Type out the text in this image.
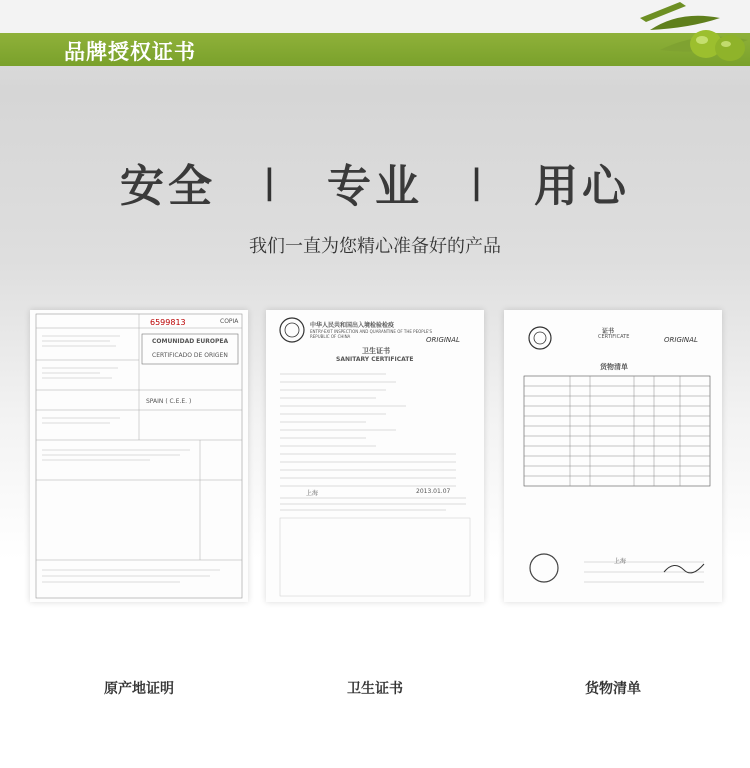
品牌授权证书
安全 | 专业 | 用心
我们一直为您精心准备好的产品
6599813	COPIA
COMUNIDAD EUROPEA
CERTIFICADO DE ORIGEN
SPAIN ( C.E.E. )
中华人民共和国出入境检验检疫
ENTRY-EXIT INSPECTION AND QUARANTINE OF THE PEOPLE'S REPUBLIC OF CHINA	ORIGINAL
卫生证书
SANITARY CERTIFICATE
上海	2013.01.07
证书
CERTIFICATE	ORIGINAL
货物清单
上海
原产地证明	卫生证书	货物清单
